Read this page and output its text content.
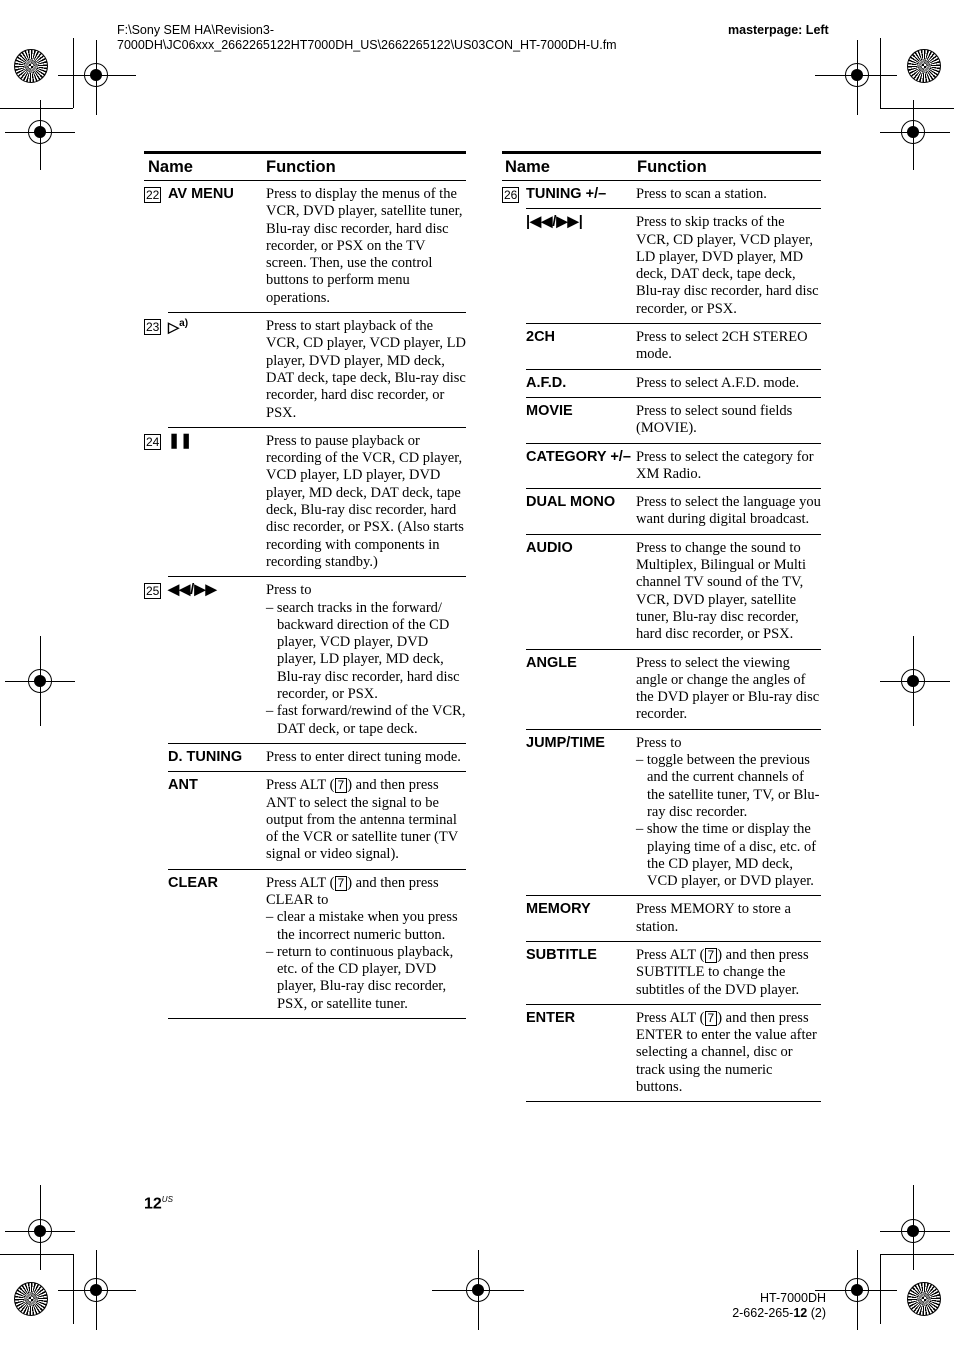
F:\Sony SEM HA\Revision3-
7000DH\JC06xxx_2662265122HT7000DH_US\2662265122\US03CON_HT-7000DH-U.fm
masterpage: Left
Name	Function
22 AV MENU	Press to display the menus of the VCR, DVD player, satellite tuner, Blu-ray disc recorder, hard disc recorder, or PSX on the TV screen. Then, use the control buttons to perform menu operations.
23 ▷$^{a)}$	Press to start playback of the VCR, CD player, VCD player, LD player, DVD player, MD deck, DAT deck, tape deck, Blu-ray disc recorder, hard disc recorder, or PSX.
24 ❚❚	Press to pause playback or recording of the VCR, CD player, VCD player, LD player, DVD player, MD deck, DAT deck, tape deck, Blu-ray disc recorder, hard disc recorder, or PSX. (Also starts recording with components in recording standby.)
25 ◀◀/▶▶	Press to
– search tracks in the forward/ backward direction of the CD player, VCD player, DVD player, LD player, MD deck, Blu-ray disc recorder, hard disc recorder, or PSX.
– fast forward/rewind of the VCR, DAT deck, or tape deck.
D. TUNING	Press to enter direct tuning mode.
ANT	Press ALT ( 7 ) and then press ANT to select the signal to be output from the antenna terminal of the VCR or satellite tuner (TV signal or video signal).
CLEAR	Press ALT ( 7 ) and then press CLEAR to
– clear a mistake when you press the incorrect numeric button.
– return to continuous playback, etc. of the CD player, DVD player, Blu-ray disc recorder, PSX, or satellite tuner.
Name	Function
26 TUNING +/–	Press to scan a station.
|◀◀/▶▶|	Press to skip tracks of the VCR, CD player, VCD player, LD player, DVD player, MD deck, DAT deck, tape deck, Blu-ray disc recorder, hard disc recorder, or PSX.
2CH	Press to select 2CH STEREO mode.
A.F.D.	Press to select A.F.D. mode.
MOVIE	Press to select sound fields (MOVIE).
CATEGORY +/– Press to select the category for XM Radio.
DUAL MONO	Press to select the language you want during digital broadcast.
AUDIO	Press to change the sound to Multiplex, Bilingual or Multi channel TV sound of the TV, VCR, DVD player, satellite tuner, Blu-ray disc recorder, hard disc recorder, or PSX.
ANGLE	Press to select the viewing angle or change the angles of the DVD player or Blu-ray disc recorder.
JUMP/TIME	Press to
– toggle between the previous and the current channels of the satellite tuner, TV, or Blu-ray disc recorder.
– show the time or display the playing time of a disc, etc. of the CD player, MD deck, VCD player, or DVD player.
MEMORY	Press MEMORY to store a station.
SUBTITLE	Press ALT ( 7 ) and then press SUBTITLE to change the subtitles of the DVD player.
ENTER	Press ALT ( 7 ) and then press ENTER to enter the value after selecting a channel, disc or track using the numeric buttons.
$12^{US}$
HT-7000DH
2-662-265-12 (2)
